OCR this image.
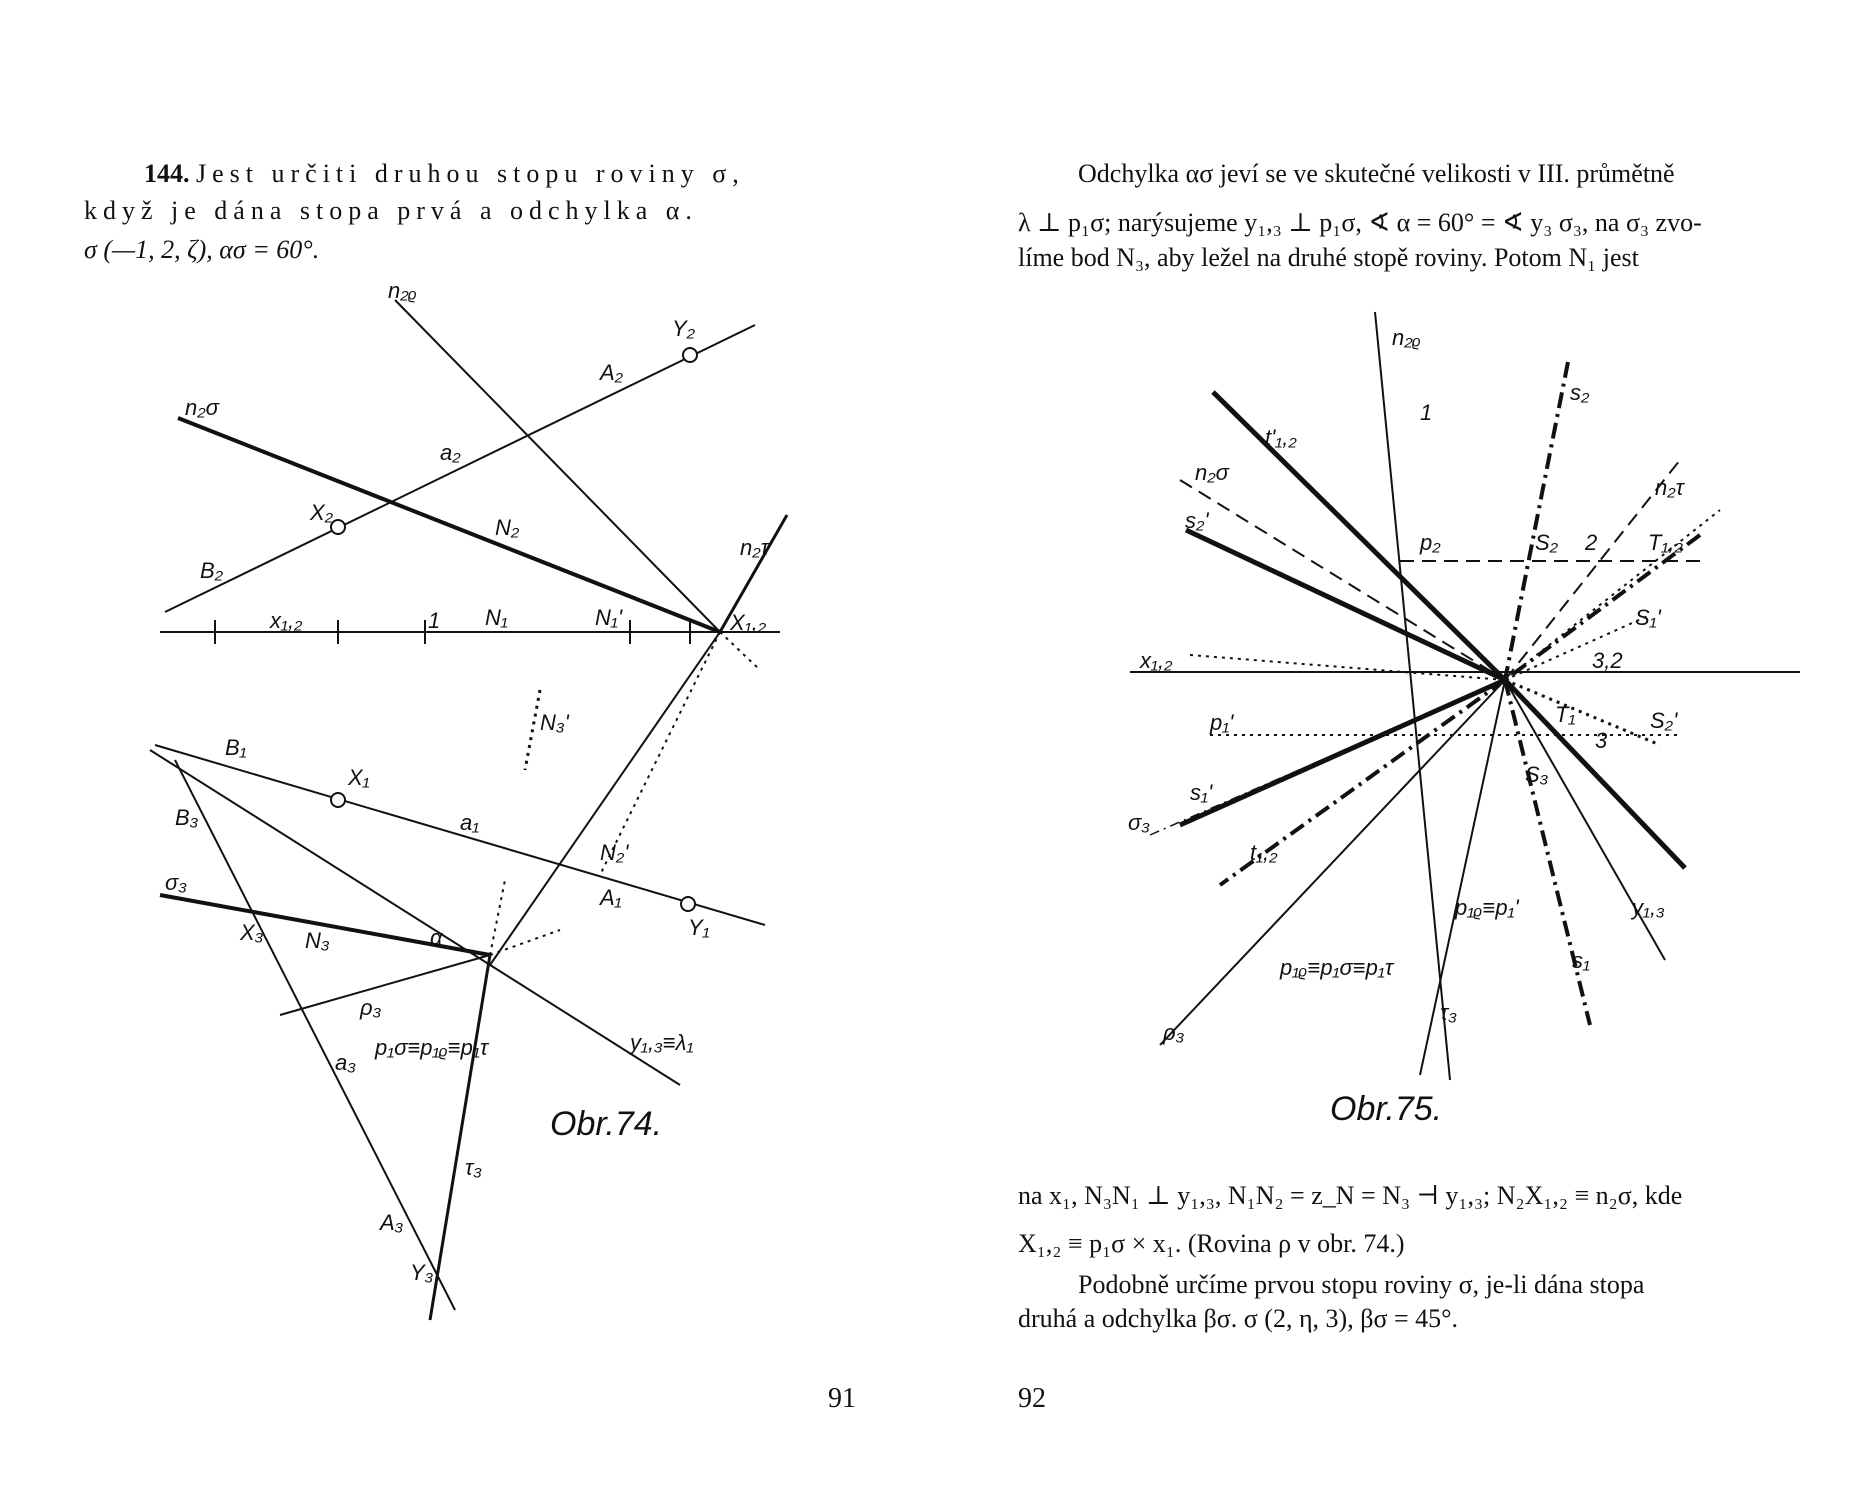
144. Jest určiti druhou stopu roviny σ,
když je dána stopa prvá a odchylka α.
σ (—1, 2, ζ), ασ = 60°.
91
Odchylka ασ jeví se ve skutečné velikosti v III. průmětně
λ ⊥ p₁σ; narýsujeme y₁,₃ ⊥ p₁σ, ∢ α = 60° = ∢ y₃ σ₃, na σ₃ zvo-
líme bod N₃, aby ležel na druhé stopě roviny. Potom N₁ jest
na x₁, N₃N₁ ⊥ y₁,₃, N₁N₂ = z_N = N₃ ⊣ y₁,₃; N₂X₁,₂ ≡ n₂σ, kde
X₁,₂ ≡ p₁σ × x₁. (Rovina ρ v obr. 74.)
Podobně určíme prvou stopu roviny σ, je-li dána stopa
druhá a odchylka βσ. σ (2, η, 3), βσ = 45°.
92
n₂ᵨ
Y₂
A₂
n₂σ
a₂
X₂
N₂
n₂τ
B₂
x₁,₂	1 N₁	N₁'	X₁,₂
N₃'
B₁
X₁
B₃	a₁
N₂'
A₁
Y₁
σ₃
X₃ N₃	α
ρ₃
p₁σ≡p₁ᵨ≡p₁τ	y₁,₃≡λ₁
a₃
τ₃
A₃
Y₃
Obr.74.
n₂ᵨ
t'₁,₂
s₂
1
n₂σ
n₂τ
s₂'
p₂	S₂ 2 T₁,₂
S₁'
x₁,₂	3,2
p₁'	T₁	S₂'
3
S₃
s₁'
σ₃
t₁,₂
y₁,₃
p₁ᵨ≡p₁'
p₁ᵨ≡p₁σ≡p₁τ
τ₃
s₁
ρ₃
Obr.75.
